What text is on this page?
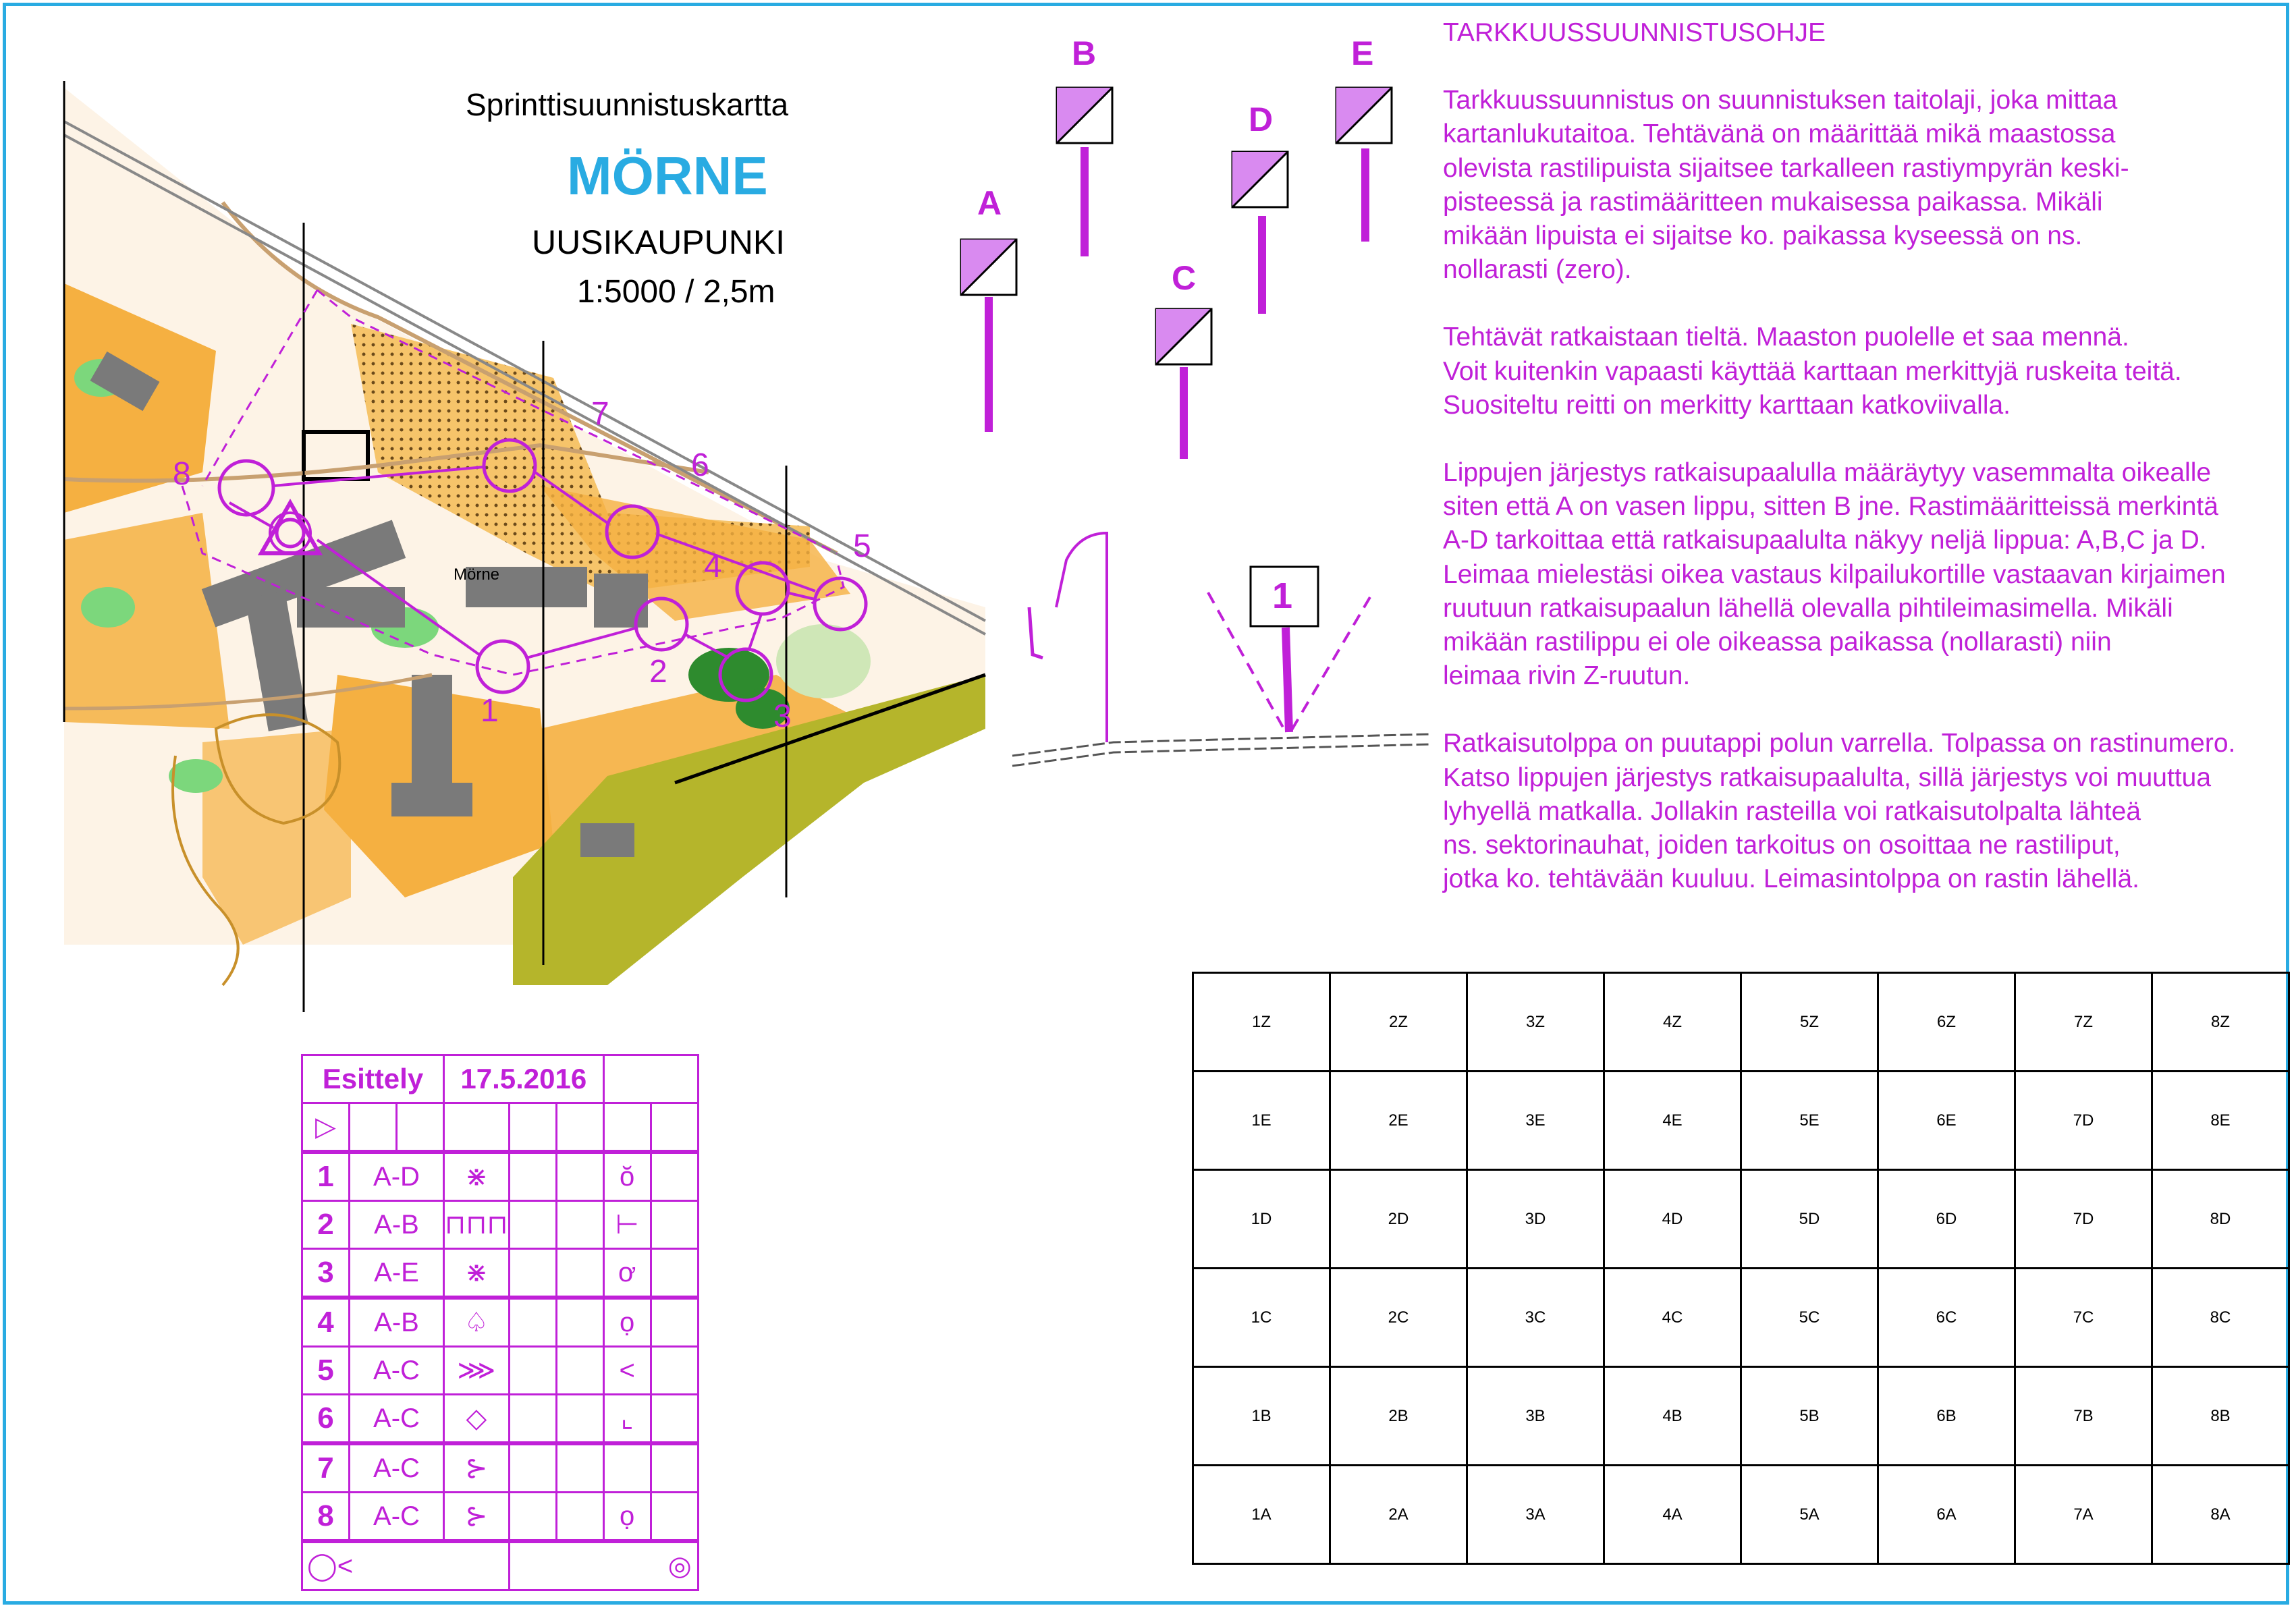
Sprinttisuunnistuskartta
MÖRNE
UUSIKAUPUNKI
1:5000 / 2,5m
Mörne
1
2
3
4
5
6
7
8
A
B
C
D
E
1
TARKKUUSSUUNNISTUSOHJE

Tarkkuussuunnistus on suunnistuksen taitolaji, joka mittaa
kartanlukutaitoa. Tehtävänä on määrittää mikä maastossa
olevista rastilipuista sijaitsee tarkalleen rastiympyrän keski-
pisteessä ja rastimääritteen mukaisessa paikassa. Mikäli
mikään lipuista ei sijaitse ko. paikassa kyseessä on ns.
nollarasti (zero).

Tehtävät ratkaistaan tieltä. Maaston puolelle et saa mennä.
Voit kuitenkin vapaasti käyttää karttaan merkittyjä ruskeita teitä.
Suositeltu reitti on merkitty karttaan katkoviivalla.

Lippujen järjestys ratkaisupaalulla määräytyy vasemmalta oikealle
siten että A on vasen lippu, sitten B jne. Rastimääritteissä merkintä
A-D tarkoittaa että ratkaisupaalulta näkyy neljä lippua: A,B,C ja D.
Leimaa mielestäsi oikea vastaus kilpailukortille vastaavan kirjaimen
ruutuun ratkaisupaalun lähellä olevalla pihtileimasimella. Mikäli
mikään rastilippu ei ole oikeassa paikassa (nollarasti) niin
leimaa rivin Z-ruutun.

Ratkaisutolppa on puutappi polun varrella. Tolpassa on rastinumero.
Katso lippujen järjestys ratkaisupaalulta, sillä järjestys voi muuttua
lyhyellä matkalla. Jollakin rasteilla voi ratkaisutolpalta lähteä
ns. sektorinauhat, joiden tarkoitus on osoittaa ne rastiliput,
jotka ko. tehtävään kuuluu. Leimasintolppa on rastin lähellä.

1Z	2Z	3Z	4Z	5Z	6Z	7Z	8Z
1E	2E	3E	4E	5E	6E	7D	8E
1D	2D	3D	4D	5D	6D	7D	8D
1C	2C	3C	4C	5C	6C	7C	8C
1B	2B	3B	4B	5B	6B	7B	8B
1A	2A	3A	4A	5A	6A	7A	8A
Esittely			17.5.2016				
▷							
1	A-D		⋇			ŏ	
2	A-B		⊓⊓⊓			⊢	
3	A-E		⋇			ơ	
4	A-B		♤			ọ	
5	A-C		⋙			<	
6	A-C		◇			⌞	
7	A-C		⊱				
8	A-C		⊱			ọ	
◯<				◎			
